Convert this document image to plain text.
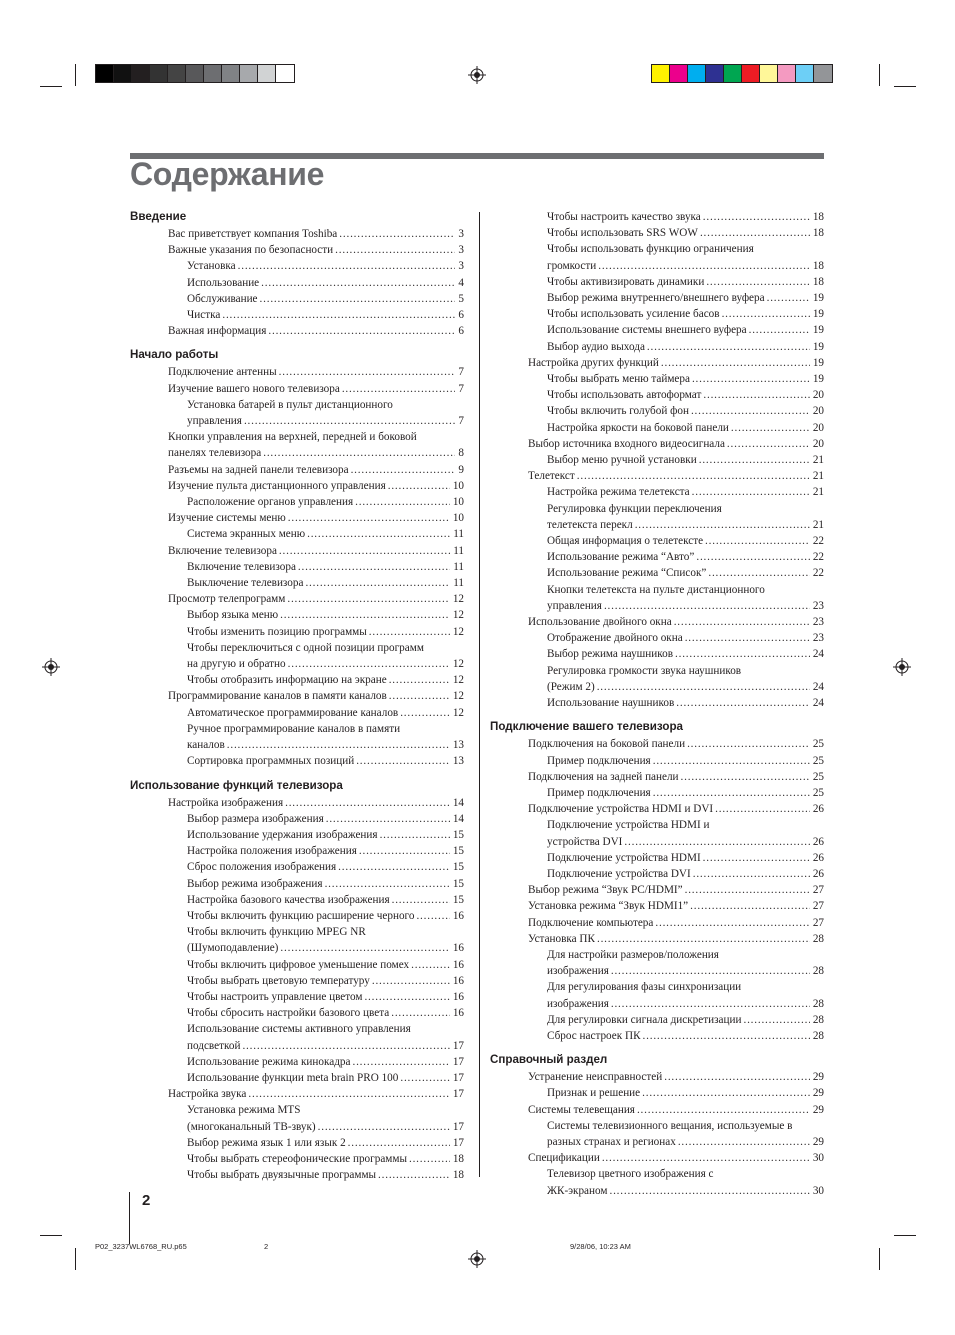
Содержание
Введение
Вас приветствует компания Toshiba .....	3
Важные указания по безопасности .....	3
Установка .....	3
Использование .....	4
Обслуживание .....	5
Чистка .....	6
Важная информация .....	6
Начало работы
Подключение антенны .....	7
Изучение вашего нового телевизора .....	7
Установка батарей в пульт дистанционного
управления .....	7
Кнопки управления на верхней, передней и боковой
панелях телевизора .....	8
Разъемы на задней панели телевизора .....	9
Изучение пульта дистанционного управления .....	10
Расположение органов управления .....	10
Изучение системы меню .....	10
Система экранных меню .....	11
Включение телевизора .....	11
Включение телевизора .....	11
Выключение телевизора .....	11
Просмотр телепрограмм .....	12
Выбор языка меню .....	12
Чтобы изменить позицию программы .....	12
Чтобы переключиться с одной позиции программ
на другую и обратно .....	12
Чтобы отобразить информацию на экране .....	12
Программирование каналов в памяти каналов .....	12
Автоматическое программирование каналов .....	12
Ручное программирование каналов в памяти
каналов .....	13
Сортировка программных позиций .....	13
Использование функций телевизора
Настройка изображения .....	14
Выбор размера изображения .....	14
Использование удержания изображения .....	15
Настройка положения изображения .....	15
Сброс положения изображения .....	15
Выбор режима изображения .....	15
Настройка базового качества изображения .....	15
Чтобы включить функцию расширение черного .....	16
Чтобы включить функцию MPEG NR
(Шумоподавление) .....	16
Чтобы включить цифровое уменьшение помех .....	16
Чтобы выбрать цветовую температуру .....	16
Чтобы настроить управление цветом .....	16
Чтобы сбросить настройки базового цвета .....	16
Использование системы активного управления
подсветкой .....	17
Использование режима кинокадра .....	17
Использование функции meta brain PRO 100 .....	17
Настройка звука .....	17
Установка режима MTS
(многоканальный ТВ-звук) .....	17
Выбор режима язык 1 или язык 2 .....	17
Чтобы выбрать стереофонические программы .....	18
Чтобы выбрать двуязычные программы .....	18
Чтобы настроить качество звука .....	18
Чтобы использовать SRS WOW .....	18
Чтобы использовать функцию ограничения
громкости .....	18
Чтобы активизировать динамики .....	18
Выбор режима внутреннего/внешнего вуфера .....	19
Чтобы использовать усиление басов .....	19
Использование системы внешнего вуфера .....	19
Выбор аудио выхода .....	19
Настройка других функций .....	19
Чтобы выбрать меню таймера .....	19
Чтобы использовать автоформат .....	20
Чтобы включить голубой фон .....	20
Настройка яркости на боковой панели .....	20
Выбор источника входного видеосигнала .....	20
Выбор меню ручной установки .....	21
Телетекст .....	21
Настройка режима телетекста .....	21
Регулировка функции переключения
телетекста перекл .....	21
Общая информация о телетексте .....	22
Использование режима “Авто” .....	22
Использование режима “Список” .....	22
Кнопки телетекста на пульте дистанционного
управления .....	23
Использование двойного окна .....	23
Отображение двойного окна .....	23
Выбор режима наушников .....	24
Регулировка громкости звука наушников
(Режим 2) .....	24
Использование наушников .....	24
Подключение вашего телевизора
Подключения на боковой панели .....	25
Пример подключения .....	25
Подключения на задней панели .....	25
Пример подключения .....	25
Подключение устройства HDMI и DVI .....	26
Подключение устройства HDMI и
устройства DVI .....	26
Подключение устройства HDMI .....	26
Подключение устройства DVI .....	26
Выбор режима “Звук PC/HDMI” .....	27
Установка режима “Звук HDMI1” .....	27
Подключение компьютера .....	27
Установка ПК .....	28
Для настройки размеров/положения
изображения .....	28
Для регулирования фазы синхронизации
изображения .....	28
Для регулировки сигнала дискретизации .....	28
Сброс настроек ПК .....	28
Справочный раздел
Устранение неисправностей .....	29
Признак и решение .....	29
Системы телевещания .....	29
Системы телевизионного вещания, используемые в
разных странах и регионах .....	29
Спецификации .....	30
Телевизор цветного изображения с
ЖК-экраном .....	30
2
P02_3237WL6768_RU.p65	2	9/28/06, 10:23 AM
